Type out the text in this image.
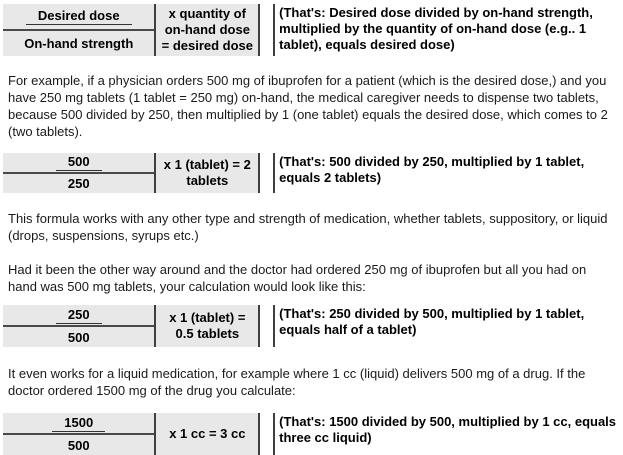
$\frac{\text{Desired dose}}{\text{On-hand strength}}$	x quantity of on-hand dose = desired dose
(That's: Desired dose divided by on-hand strength, multiplied by the quantity of on-hand dose (e.g.. 1 tablet), equals desired dose)
For example, if a physician orders 500 mg of ibuprofen for a patient (which is the desired dose,) and you have 250 mg tablets (1 tablet = 250 mg) on-hand, the medical caregiver needs to dispense two tablets, because 500 divided by 250, then multiplied by 1 (one tablet) equals the desired dose, which comes to 2 (two tablets).
$\frac{500}{250}$ x 1 (tablet) = 2 tablets
(That's: 500 divided by 250, multiplied by 1 tablet, equals 2 tablets)
This formula works with any other type and strength of medication, whether tablets, suppository, or liquid (drops, suspensions, syrups etc.)
Had it been the other way around and the doctor had ordered 250 mg of ibuprofen but all you had on hand was 500 mg tablets, your calculation would look like this:
$\frac{250}{500}$	x 1 (tablet) = 0.5 tablets
(That's: 250 divided by 500, multiplied by 1 tablet, equals half of a tablet)
It even works for a liquid medication, for example where 1 cc (liquid) delivers 500 mg of a drug. If the doctor ordered 1500 mg of the drug you calculate:
$\frac{1500}{500}$	x 1 cc = 3 cc
(That's: 1500 divided by 500, multiplied by 1 cc, equals three cc liquid)
